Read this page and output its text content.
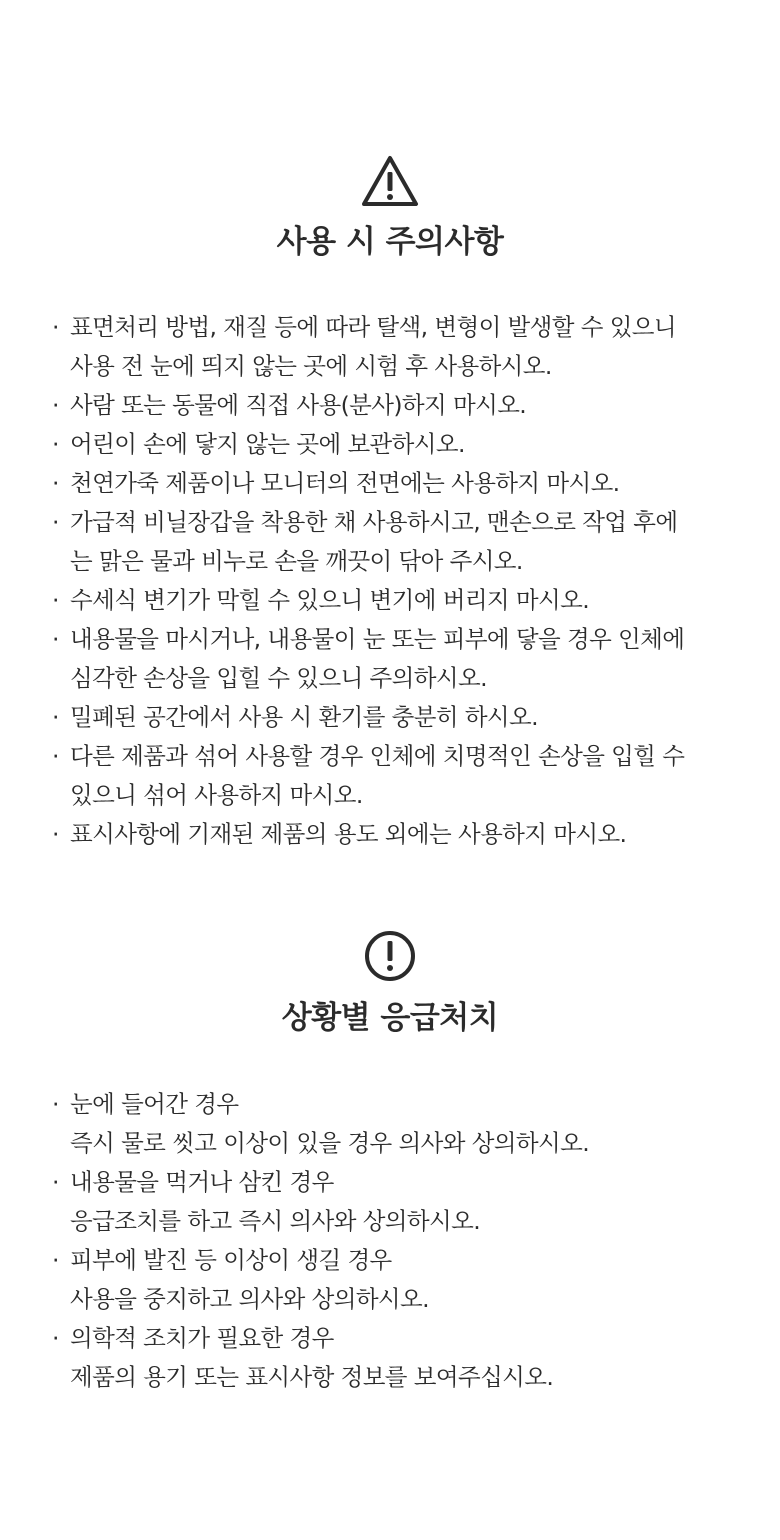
사용 시 주의사항
· 표면처리 방법, 재질 등에 따라 탈색, 변형이 발생할 수 있으니
사용 전 눈에 띄지 않는 곳에 시험 후 사용하시오.
· 사람 또는 동물에 직접 사용(분사)하지 마시오.
· 어린이 손에 닿지 않는 곳에 보관하시오.
· 천연가죽 제품이나 모니터의 전면에는 사용하지 마시오.
· 가급적 비닐장갑을 착용한 채 사용하시고, 맨손으로 작업 후에
는 맑은 물과 비누로 손을 깨끗이 닦아 주시오.
· 수세식 변기가 막힐 수 있으니 변기에 버리지 마시오.
· 내용물을 마시거나, 내용물이 눈 또는 피부에 닿을 경우 인체에
심각한 손상을 입힐 수 있으니 주의하시오.
· 밀폐된 공간에서 사용 시 환기를 충분히 하시오.
· 다른 제품과 섞어 사용할 경우 인체에 치명적인 손상을 입힐 수
있으니 섞어 사용하지 마시오.
· 표시사항에 기재된 제품의 용도 외에는 사용하지 마시오.
상황별 응급처치
· 눈에 들어간 경우
즉시 물로 씻고 이상이 있을 경우 의사와 상의하시오.
· 내용물을 먹거나 삼킨 경우
응급조치를 하고 즉시 의사와 상의하시오.
· 피부에 발진 등 이상이 생길 경우
사용을 중지하고 의사와 상의하시오.
· 의학적 조치가 필요한 경우
제품의 용기 또는 표시사항 정보를 보여주십시오.
